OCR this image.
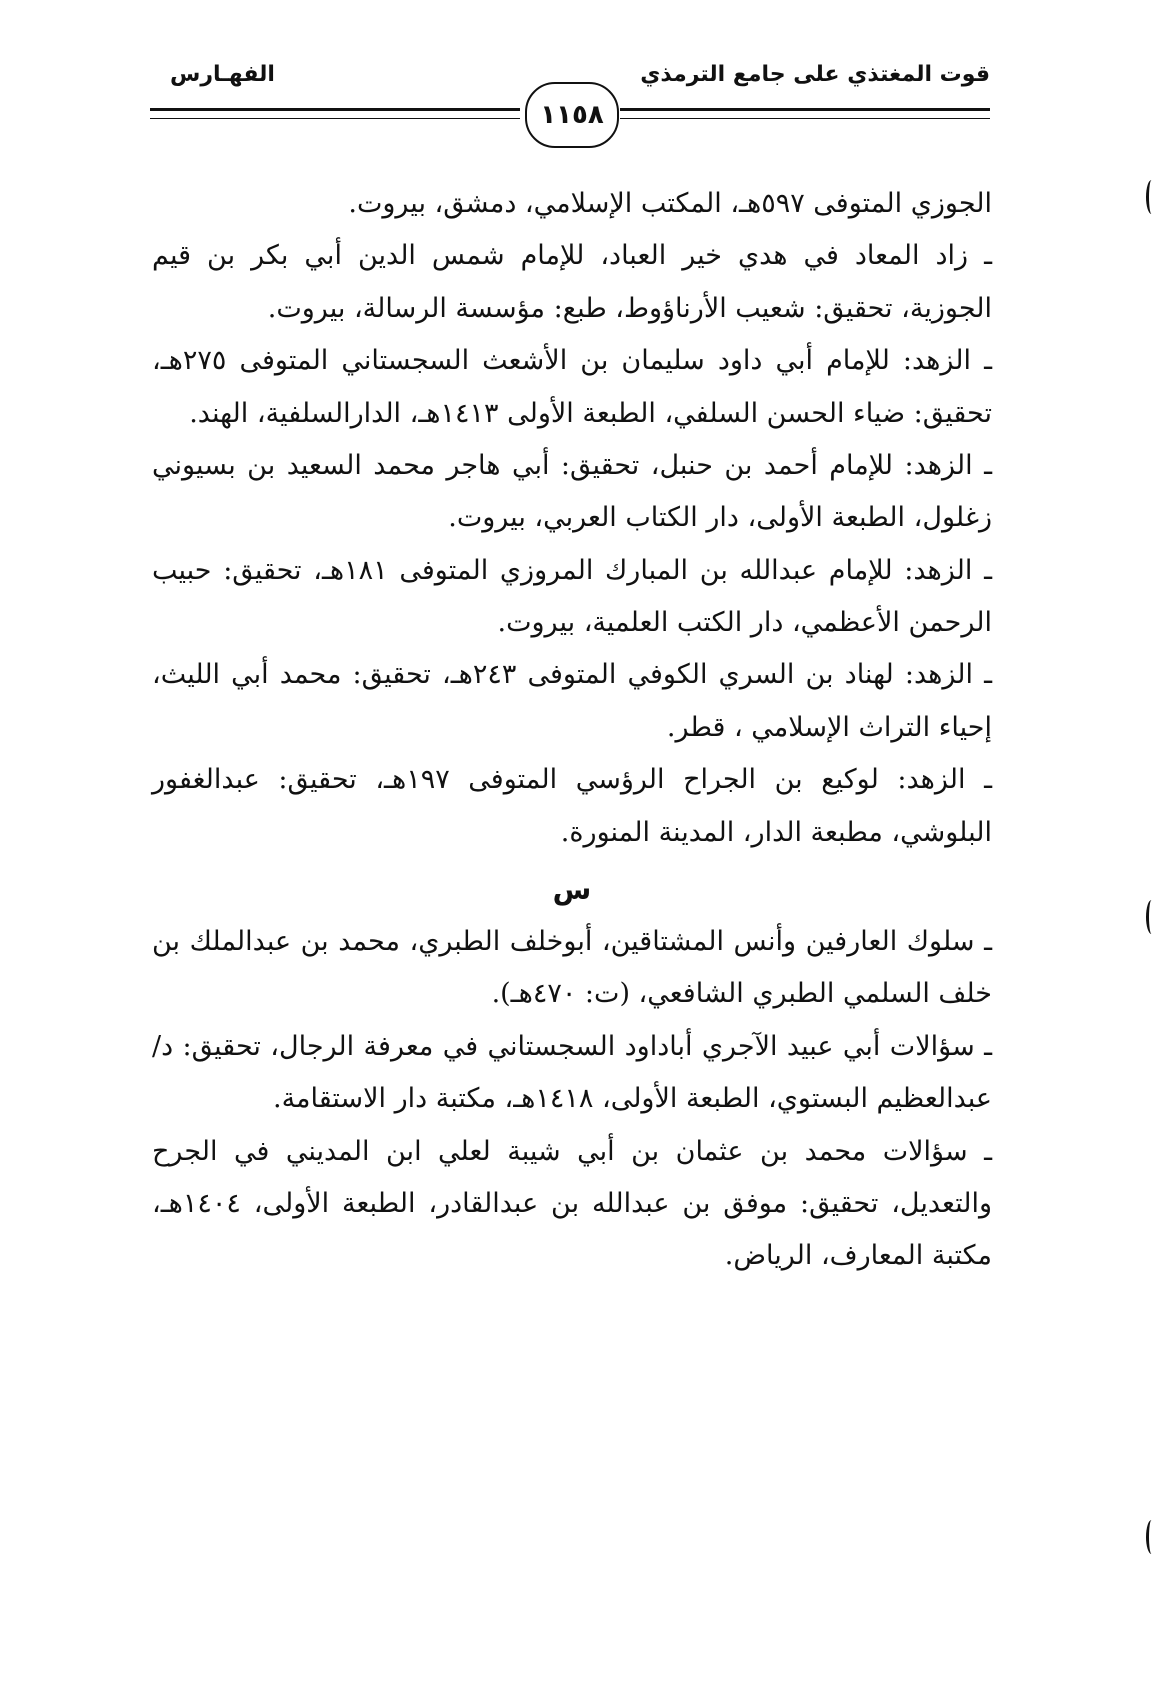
قوت المغتذي على جامع الترمذي
١١٥٨
الفهـارس

الجوزي المتوفى ٥٩٧هـ، المكتب الإسلامي، دمشق، بيروت.

ـ زاد المعاد في هدي خير العباد، للإمام شمس الدين أبي بكر بن قيم الجوزية، تحقيق: شعيب الأرناؤوط، طبع: مؤسسة الرسالة، بيروت.

ـ الزهد: للإمام أبي داود سليمان بن الأشعث السجستاني المتوفى ٢٧٥هـ، تحقيق: ضياء الحسن السلفي، الطبعة الأولى ١٤١٣هـ، الدارالسلفية، الهند.

ـ الزهد: للإمام أحمد بن حنبل، تحقيق: أبي هاجر محمد السعيد بن بسيوني زغلول، الطبعة الأولى، دار الكتاب العربي، بيروت.

ـ الزهد: للإمام عبدالله بن المبارك المروزي المتوفى ١٨١هـ، تحقيق: حبيب الرحمن الأعظمي، دار الكتب العلمية، بيروت.

ـ الزهد: لهناد بن السري الكوفي المتوفى ٢٤٣هـ، تحقيق: محمد أبي الليث، إحياء التراث الإسلامي ، قطر.

ـ الزهد: لوكيع بن الجراح الرؤسي المتوفى ١٩٧هـ، تحقيق: عبدالغفور البلوشي، مطبعة الدار، المدينة المنورة.

س

ـ سلوك العارفين وأنس المشتاقين، أبوخلف الطبري، محمد بن عبدالملك بن خلف السلمي الطبري الشافعي، (ت: ٤٧٠هـ).

ـ سؤالات أبي عبيد الآجري أباداود السجستاني في معرفة الرجال، تحقيق: د/ عبدالعظيم البستوي، الطبعة الأولى، ١٤١٨هـ، مكتبة دار الاستقامة.

ـ سؤالات محمد بن عثمان بن أبي شيبة لعلي ابن المديني في الجرح والتعديل، تحقيق: موفق بن عبدالله بن عبدالقادر، الطبعة الأولى، ١٤٠٤هـ، مكتبة المعارف، الرياض.
